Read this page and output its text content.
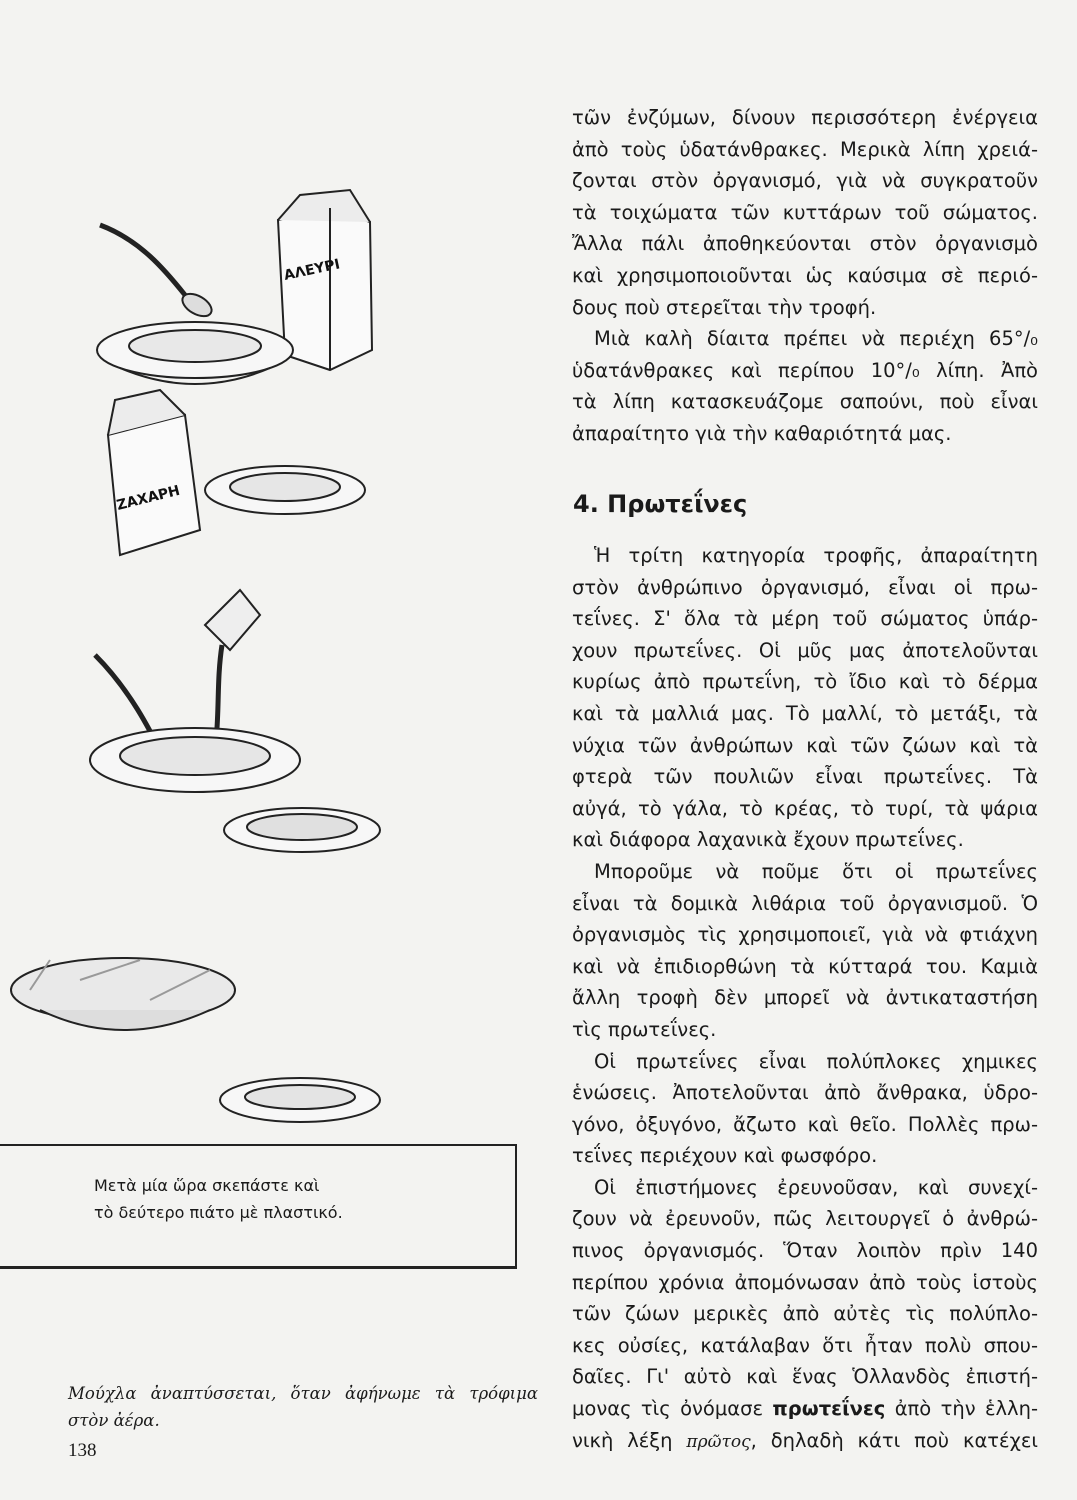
ΑΛΕΥΡΙ
ΖΑΧΑΡΗ
Μετὰ μία ὥρα σκεπάστε καὶ
τὸ δεύτερο πιάτο μὲ πλαστικό.
Μούχλα ἀναπτύσσεται, ὅταν ἀφήνωμε τὰ τρόφιμα
στὸν ἀέρα.
138
τῶν ἐνζύμων, δίνουν περισσότερη ἐνέργεια
ἀπὸ τοὺς ὑδατάνθρακες. Μερικὰ λίπη χρειά-
ζονται στὸν ὀργανισμό, γιὰ νὰ συγκρατοῦν
τὰ τοιχώματα τῶν κυττάρων τοῦ σώματος.
Ἄλλα πάλι ἀποθηκεύονται στὸν ὀργανισμὸ
καὶ χρησιμοποιοῦνται ὡς καύσιμα σὲ περιό-
δους ποὺ στερεῖται τὴν τροφή.
Μιὰ καλὴ δίαιτα πρέπει νὰ περιέχη 65°/₀
ὑδατάνθρακες καὶ περίπου 10°/₀ λίπη. Ἀπὸ
τὰ λίπη κατασκευάζομε σαπούνι, ποὺ εἶναι
ἀπαραίτητο γιὰ τὴν καθαριότητά μας.
4. Πρωτεΐνες
Ἡ τρίτη κατηγορία τροφῆς, ἀπαραίτητη
στὸν ἀνθρώπινο ὀργανισμό, εἶναι οἱ πρω-
τεΐνες. Σ' ὅλα τὰ μέρη τοῦ σώματος ὑπάρ-
χουν πρωτεΐνες. Οἱ μῦς μας ἀποτελοῦνται
κυρίως ἀπὸ πρωτεΐνη, τὸ ἴδιο καὶ τὸ δέρμα
καὶ τὰ μαλλιά μας. Τὸ μαλλί, τὸ μετάξι, τὰ
νύχια τῶν ἀνθρώπων καὶ τῶν ζώων καὶ τὰ
φτερὰ τῶν πουλιῶν εἶναι πρωτεΐνες. Τὰ
αὐγά, τὸ γάλα, τὸ κρέας, τὸ τυρί, τὰ ψάρια
καὶ διάφορα λαχανικὰ ἔχουν πρωτεΐνες.
Μποροῦμε νὰ ποῦμε ὅτι οἱ πρωτεΐνες
εἶναι τὰ δομικὰ λιθάρια τοῦ ὀργανισμοῦ. Ὁ
ὀργανισμὸς τὶς χρησιμοποιεῖ, γιὰ νὰ φτιάχνη
καὶ νὰ ἐπιδιορθώνη τὰ κύτταρά του. Καμιὰ
ἄλλη τροφὴ δὲν μπορεῖ νὰ ἀντικαταστήση
τὶς πρωτεΐνες.
Οἱ πρωτεΐνες εἶναι πολύπλοκες χημικες
ἑνώσεις. Ἀποτελοῦνται ἀπὸ ἄνθρακα, ὑδρο-
γόνο, ὀξυγόνο, ἄζωτο καὶ θεῖο. Πολλὲς πρω-
τεΐνες περιέχουν καὶ φωσφόρο.
Οἱ ἐπιστήμονες ἐρευνοῦσαν, καὶ συνεχί-
ζουν νὰ ἐρευνοῦν, πῶς λειτουργεῖ ὁ ἀνθρώ-
πινος ὀργανισμός. Ὅταν λοιπὸν πρὶν 140
περίπου χρόνια ἀπομόνωσαν ἀπὸ τοὺς ἱστοὺς
τῶν ζώων μερικὲς ἀπὸ αὐτὲς τὶς πολύπλο-
κες οὐσίες, κατάλαβαν ὅτι ἦταν πολὺ σπου-
δαῖες. Γι' αὐτὸ καὶ ἕνας Ὁλλανδὸς ἐπιστή-
μονας τὶς ὀνόμασε πρωτεΐνες ἀπὸ τὴν ἑλλη-
νικὴ λέξη πρῶτος, δηλαδὴ κάτι ποὺ κατέχει
